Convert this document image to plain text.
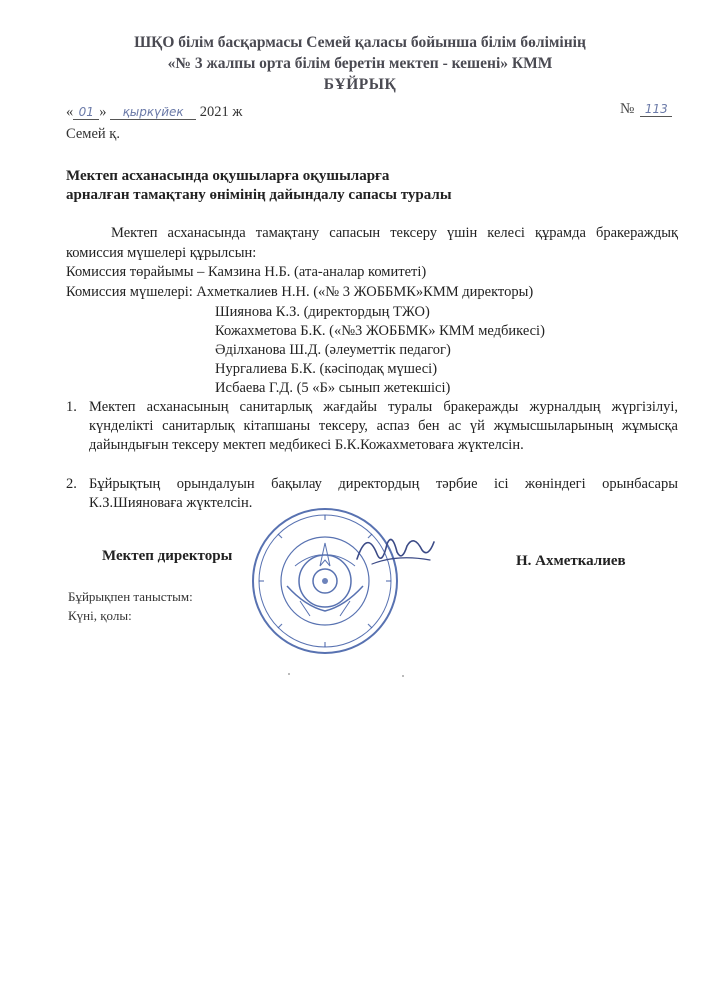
ШҚО білім басқармасы Семей қаласы бойынша білім бөлімінің
«№ 3 жалпы орта білім беретін мектеп - кешені» КММ
БҰЙРЫҚ
« 01 » қыркүйек 2021 ж	№ 113
Семей қ.
Мектеп асханасында оқушыларға оқушыларға
арналған тамақтану өнімінің дайындалу сапасы туралы
Мектеп асханасында тамақтану сапасын тексеру үшін келесі құрамда бракераждық комиссия мүшелері құрылсын:
Комиссия төрайымы – Камзина Н.Б. (ата-аналар комитеті)
Комиссия мүшелері: Ахметкалиев Н.Н. («№ 3 ЖОББМК»КММ директоры)
Шиянова К.З. (директордың ТЖО)
Кожахметова Б.К. («№3 ЖОББМК» КММ медбикесі)
Әділханова Ш.Д. (әлеуметтік педагог)
Нургалиева Б.К. (кәсіподақ мүшесі)
Исбаева Г.Д. (5 «Б» сынып жетекшісі)
1. Мектеп асханасының санитарлық жағдайы туралы бракеражды журналдың жүргізілуі, күнделікті санитарлық кітапшаны тексеру, аспаз бен ас үй жұмысшыларының жұмысқа дайындығын тексеру мектеп медбикесі Б.К.Кожахметоваға жүктелсін.
2. Бұйрықтың орындалуын бақылау директордың тәрбие ісі жөніндегі орынбасары К.З.Шияноваға жүктелсін.
Мектеп директоры	Н. Ахметкалиев
Бұйрықпен таныстым:
Күні, қолы:
